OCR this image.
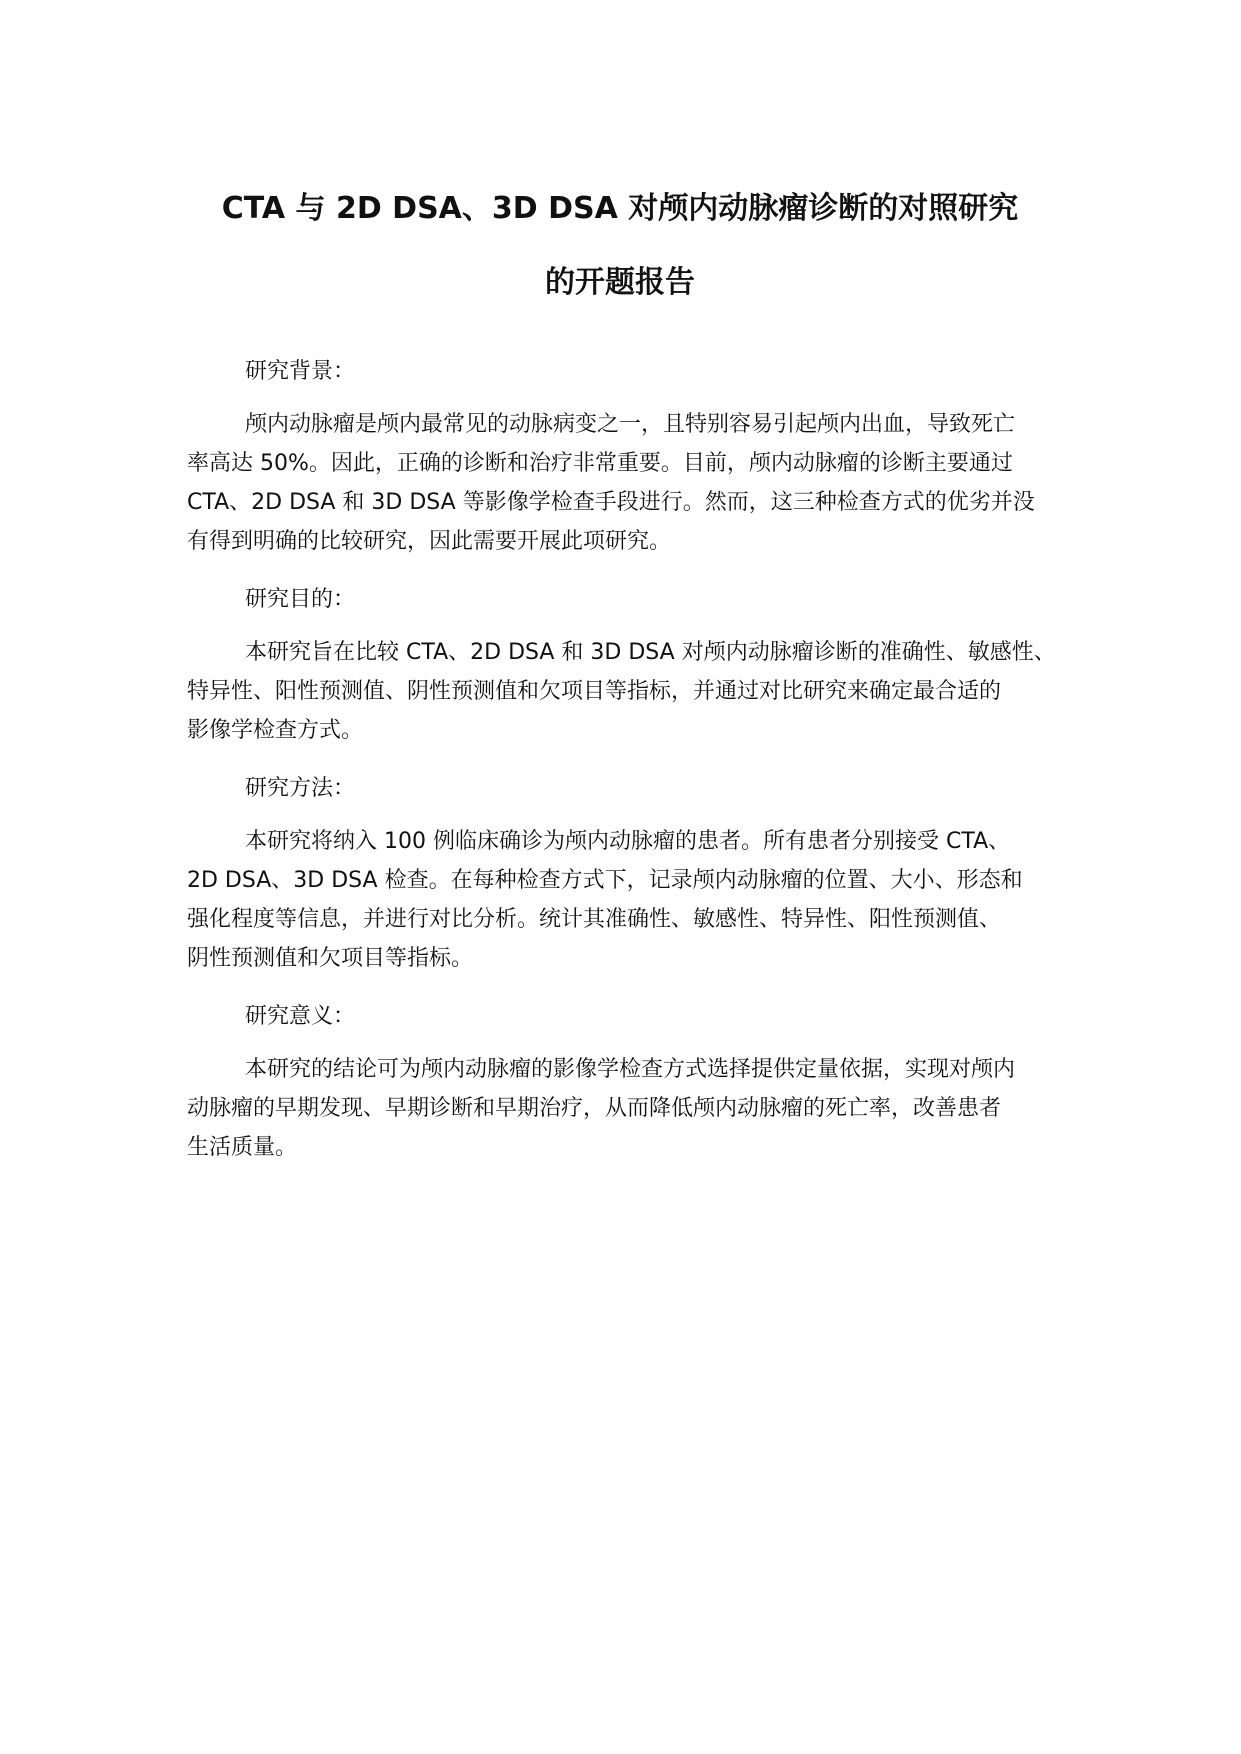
CTA 与 2D DSA、3D DSA 对颅内动脉瘤诊断的对照研究

的开题报告

研究背景：

颅内动脉瘤是颅内最常见的动脉病变之一，且特别容易引起颅内出血，导致死亡
率高达 50%。因此，正确的诊断和治疗非常重要。目前，颅内动脉瘤的诊断主要通过
CTA、2D DSA 和 3D DSA 等影像学检查手段进行。然而，这三种检查方式的优劣并没
有得到明确的比较研究，因此需要开展此项研究。

研究目的：

本研究旨在比较 CTA、2D DSA 和 3D DSA 对颅内动脉瘤诊断的准确性、敏感性、
特异性、阳性预测值、阴性预测值和欠项目等指标，并通过对比研究来确定最合适的
影像学检查方式。

研究方法：

本研究将纳入 100 例临床确诊为颅内动脉瘤的患者。所有患者分别接受 CTA、
2D DSA、3D DSA 检查。在每种检查方式下，记录颅内动脉瘤的位置、大小、形态和
强化程度等信息，并进行对比分析。统计其准确性、敏感性、特异性、阳性预测值、
阴性预测值和欠项目等指标。

研究意义：

本研究的结论可为颅内动脉瘤的影像学检查方式选择提供定量依据，实现对颅内
动脉瘤的早期发现、早期诊断和早期治疗，从而降低颅内动脉瘤的死亡率，改善患者
生活质量。
